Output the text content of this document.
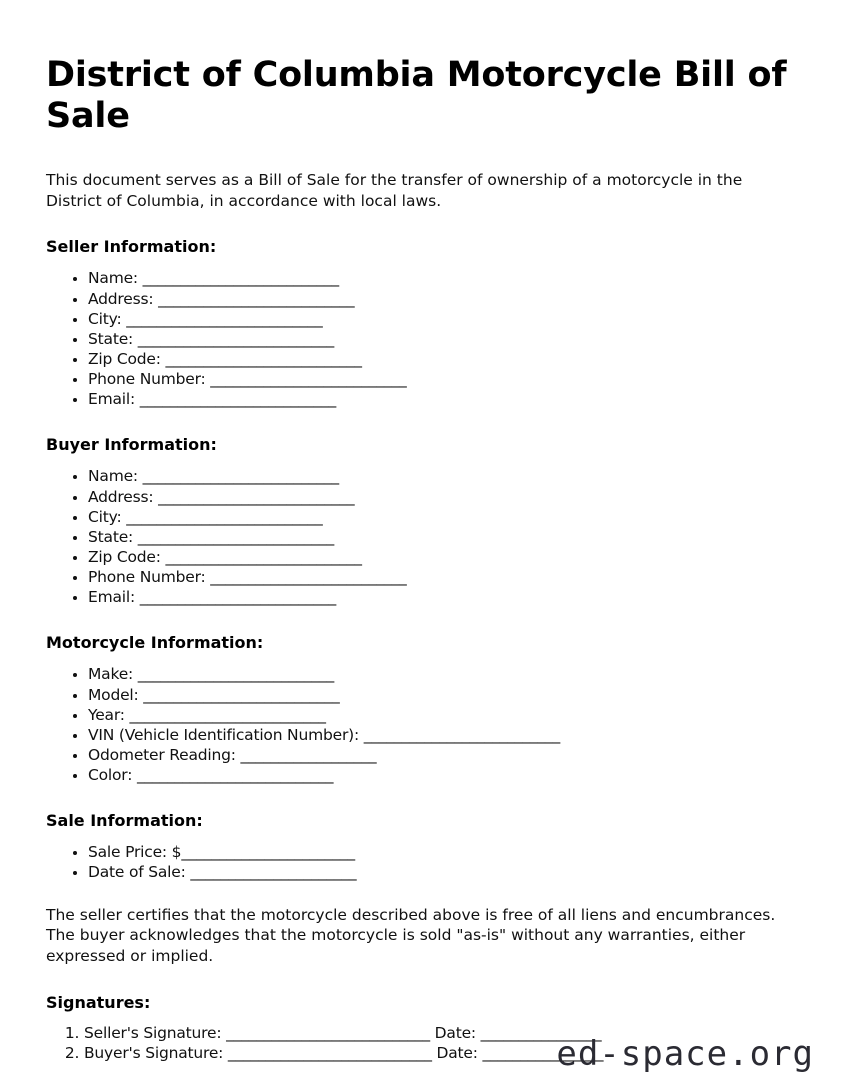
District of Columbia Motorcycle Bill of Sale

This document serves as a Bill of Sale for the transfer of ownership of a motorcycle in the District of Columbia, in accordance with local laws.

Seller Information:
• Name: __________________________
• Address: __________________________
• City: __________________________
• State: __________________________
• Zip Code: __________________________
• Phone Number: __________________________
• Email: __________________________
Buyer Information:
• Name: __________________________
• Address: __________________________
• City: __________________________
• State: __________________________
• Zip Code: __________________________
• Phone Number: __________________________
• Email: __________________________
Motorcycle Information:
• Make: __________________________
• Model: __________________________
• Year: __________________________
• VIN (Vehicle Identification Number): __________________________
• Odometer Reading: __________________
• Color: __________________________
Sale Information:
• Sale Price: $_______________________
• Date of Sale: ______________________

The seller certifies that the motorcycle described above is free of all liens and encumbrances. The buyer acknowledges that the motorcycle is sold "as-is" without any warranties, either expressed or implied.

Signatures:
1. Seller's Signature: ___________________________ Date: ________________
2. Buyer's Signature: ___________________________ Date: ________________
ed-space.org
